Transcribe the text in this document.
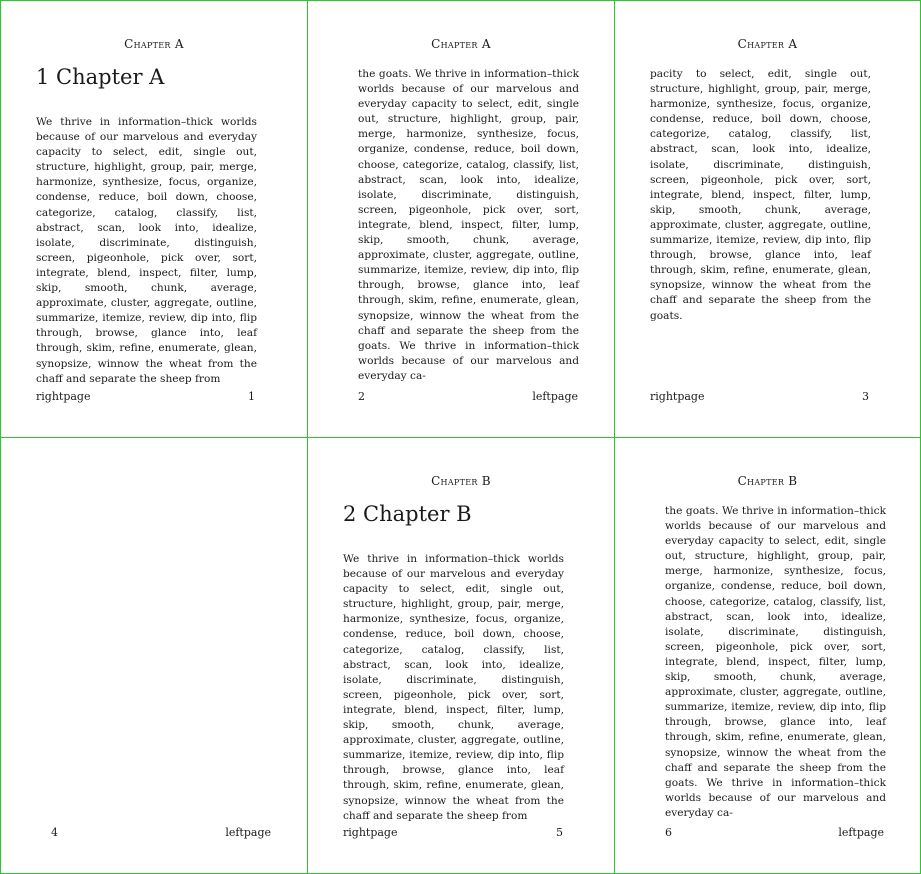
Chapter A
1 Chapter A

We thrive in information–thick worlds because of our marvelous and everyday capacity to select, edit, single out, structure, highlight, group, pair, merge, harmonize, synthesize, focus, organize, condense, reduce, boil down, choose, categorize, catalog, classify, list, abstract, scan, look into, idealize, isolate, discriminate, distinguish, screen, pigeonhole, pick over, sort, integrate, blend, inspect, filter, lump, skip, smooth, chunk, average, approximate, cluster, aggregate, outline, summarize, itemize, review, dip into, flip through, browse, glance into, leaf through, skim, refine, enumerate, glean, synopsize, winnow the wheat from the chaff and separate the sheep from

rightpage	1
Chapter A

the goats. We thrive in information–thick worlds because of our marvelous and everyday capacity to select, edit, single out, structure, highlight, group, pair, merge, harmonize, synthesize, focus, organize, condense, reduce, boil down, choose, categorize, catalog, classify, list, abstract, scan, look into, idealize, isolate, discriminate, distinguish, screen, pigeonhole, pick over, sort, integrate, blend, inspect, filter, lump, skip, smooth, chunk, average, approximate, cluster, aggregate, outline, summarize, itemize, review, dip into, flip through, browse, glance into, leaf through, skim, refine, enumerate, glean, synopsize, winnow the wheat from the chaff and separate the sheep from the goats. We thrive in information–thick worlds because of our marvelous and everyday ca-

2	leftpage
Chapter A

pacity to select, edit, single out, structure, highlight, group, pair, merge, harmonize, synthesize, focus, organize, condense, reduce, boil down, choose, categorize, catalog, classify, list, abstract, scan, look into, idealize, isolate, discriminate, distinguish, screen, pigeonhole, pick over, sort, integrate, blend, inspect, filter, lump, skip, smooth, chunk, average, approximate, cluster, aggregate, outline, summarize, itemize, review, dip into, flip through, browse, glance into, leaf through, skim, refine, enumerate, glean, synopsize, winnow the wheat from the chaff and separate the sheep from the goats.

rightpage	3
4	leftpage
Chapter B
2 Chapter B

We thrive in information–thick worlds because of our marvelous and everyday capacity to select, edit, single out, structure, highlight, group, pair, merge, harmonize, synthesize, focus, organize, condense, reduce, boil down, choose, categorize, catalog, classify, list, abstract, scan, look into, idealize, isolate, discriminate, distinguish, screen, pigeonhole, pick over, sort, integrate, blend, inspect, filter, lump, skip, smooth, chunk, average, approximate, cluster, aggregate, outline, summarize, itemize, review, dip into, flip through, browse, glance into, leaf through, skim, refine, enumerate, glean, synopsize, winnow the wheat from the chaff and separate the sheep from

rightpage	5
Chapter B

the goats. We thrive in information–thick worlds because of our marvelous and everyday capacity to select, edit, single out, structure, highlight, group, pair, merge, harmonize, synthesize, focus, organize, condense, reduce, boil down, choose, categorize, catalog, classify, list, abstract, scan, look into, idealize, isolate, discriminate, distinguish, screen, pigeonhole, pick over, sort, integrate, blend, inspect, filter, lump, skip, smooth, chunk, average, approximate, cluster, aggregate, outline, summarize, itemize, review, dip into, flip through, browse, glance into, leaf through, skim, refine, enumerate, glean, synopsize, winnow the wheat from the chaff and separate the sheep from the goats. We thrive in information–thick worlds because of our marvelous and everyday ca-

6	leftpage
